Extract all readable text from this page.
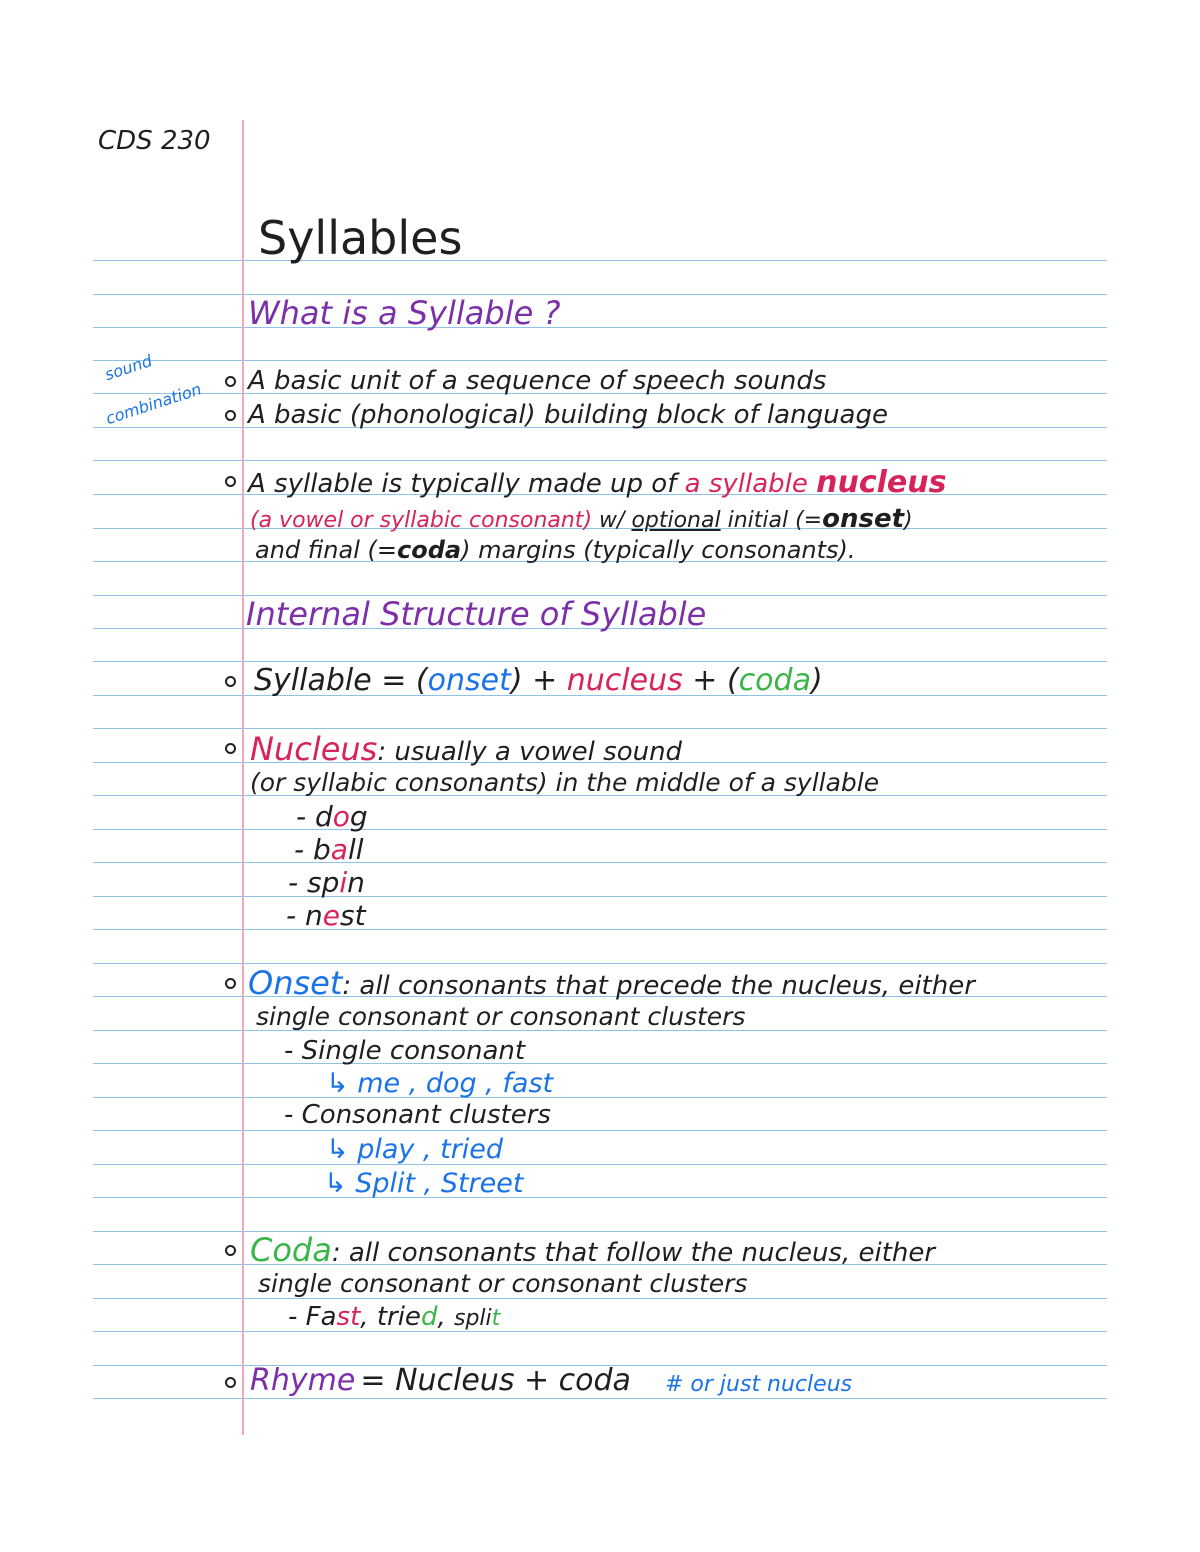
CDS 230
Syllables
What is a Syllable ?
sound
combination A basic unit of a sequence of speech sounds
A basic (phonological) building block of language
A syllable is typically made up of a syllable nucleus
(a vowel or syllabic consonant) w/ optional initial (=onset)
and final (=coda) margins (typically consonants).
Internal Structure of Syllable
Syllable = (onset) + nucleus + (coda)
Nucleus: usually a vowel sound
(or syllabic consonants) in the middle of a syllable
- dog
- ball
- spin
- nest
Onset: all consonants that precede the nucleus, either
single consonant or consonant clusters
- Single consonant
↳ me , dog , fast
- Consonant clusters
↳ play , tried
↳ Split , Street
Coda: all consonants that follow the nucleus, either
single consonant or consonant clusters
- Fast, tried, split
Rhyme = Nucleus + coda # or just nucleus
